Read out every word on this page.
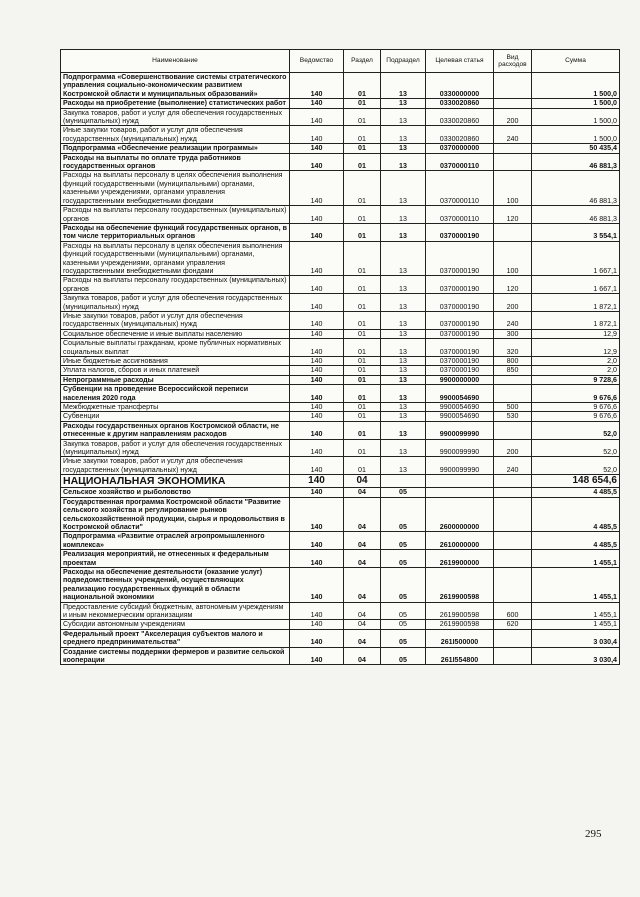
Наименование	Ведомство	Раздел	Подраздел	Целевая статья	Вид расходов	Сумма
Подпрограмма «Совершенствование системы стратегического управления социально-экономическим развитием Костромской области и муниципальных образований»	140	01	13	0330000000		1 500,0
Расходы на приобретение (выполнение) статистических работ	140	01	13	0330020860		1 500,0
Закупка товаров, работ и услуг для обеспечения государственных (муниципальных) нужд	140	01	13	0330020860	200	1 500,0
Иные закупки товаров, работ и услуг для обеспечения государственных (муниципальных) нужд	140	01	13	0330020860	240	1 500,0
Подпрограмма «Обеспечение реализации программы»	140	01	13	0370000000		50 435,4
Расходы на выплаты по оплате труда работников государственных органов	140	01	13	0370000110		46 881,3
Расходы на выплаты персоналу в целях обеспечения выполнения функций государственными (муниципальными) органами, казенными учреждениями, органами управления государственными внебюджетными фондами	140	01	13	0370000110	100	46 881,3
Расходы на выплаты персоналу государственных (муниципальных) органов	140	01	13	0370000110	120	46 881,3
Расходы на обеспечение функций государственных органов, в том числе территориальных органов	140	01	13	0370000190		3 554,1
Расходы на выплаты персоналу в целях обеспечения выполнения функций государственными (муниципальными) органами, казенными учреждениями, органами управления государственными внебюджетными фондами	140	01	13	0370000190	100	1 667,1
Расходы на выплаты персоналу государственных (муниципальных) органов	140	01	13	0370000190	120	1 667,1
Закупка товаров, работ и услуг для обеспечения государственных (муниципальных) нужд	140	01	13	0370000190	200	1 872,1
Иные закупки товаров, работ и услуг для обеспечения государственных (муниципальных) нужд	140	01	13	0370000190	240	1 872,1
Социальное обеспечение и иные выплаты населению	140	01	13	0370000190	300	12,9
Социальные выплаты гражданам, кроме публичных нормативных социальных выплат	140	01	13	0370000190	320	12,9
Иные бюджетные ассигнования	140	01	13	0370000190	800	2,0
Уплата налогов, сборов и иных платежей	140	01	13	0370000190	850	2,0
Непрограммные расходы	140	01	13	9900000000		9 728,6
Субвенции на проведение Всероссийской переписи населения 2020 года	140	01	13	9900054690		9 676,6
Межбюджетные трансферты	140	01	13	9900054690	500	9 676,6
Субвенции	140	01	13	9900054690	530	9 676,6
Расходы государственных органов Костромской области, не отнесенные к другим направлениям расходов	140	01	13	9900099990		52,0
Закупка товаров, работ и услуг для обеспечения государственных (муниципальных) нужд	140	01	13	9900099990	200	52,0
Иные закупки товаров, работ и услуг для обеспечения государственных (муниципальных) нужд	140	01	13	9900099990	240	52,0
НАЦИОНАЛЬНАЯ ЭКОНОМИКА	140	04				148 654,6
Сельское хозяйство и рыболовство	140	04	05			4 485,5
Государственная программа Костромской области "Развитие сельского хозяйства и регулирование рынков сельскохозяйственной продукции, сырья и продовольствия в Костромской области"	140	04	05	2600000000		4 485,5
Подпрограмма «Развитие отраслей агропромышленного комплекса»	140	04	05	2610000000		4 485,5
Реализация мероприятий, не отнесенных к федеральным проектам	140	04	05	2619900000		1 455,1
Расходы на обеспечение деятельности (оказание услуг) подведомственных учреждений, осуществляющих реализацию государственных функций в области национальной экономики	140	04	05	2619900598		1 455,1
Предоставление субсидий бюджетным, автономным учреждениям и иным некоммерческим организациям	140	04	05	2619900598	600	1 455,1
Субсидии автономным учреждениям	140	04	05	2619900598	620	1 455,1
Федеральный проект "Акселерация субъектов малого и среднего предпринимательства"	140	04	05	261I500000		3 030,4
Создание системы поддержки фермеров и развитие сельской кооперации	140	04	05	261I554800		3 030,4
295
